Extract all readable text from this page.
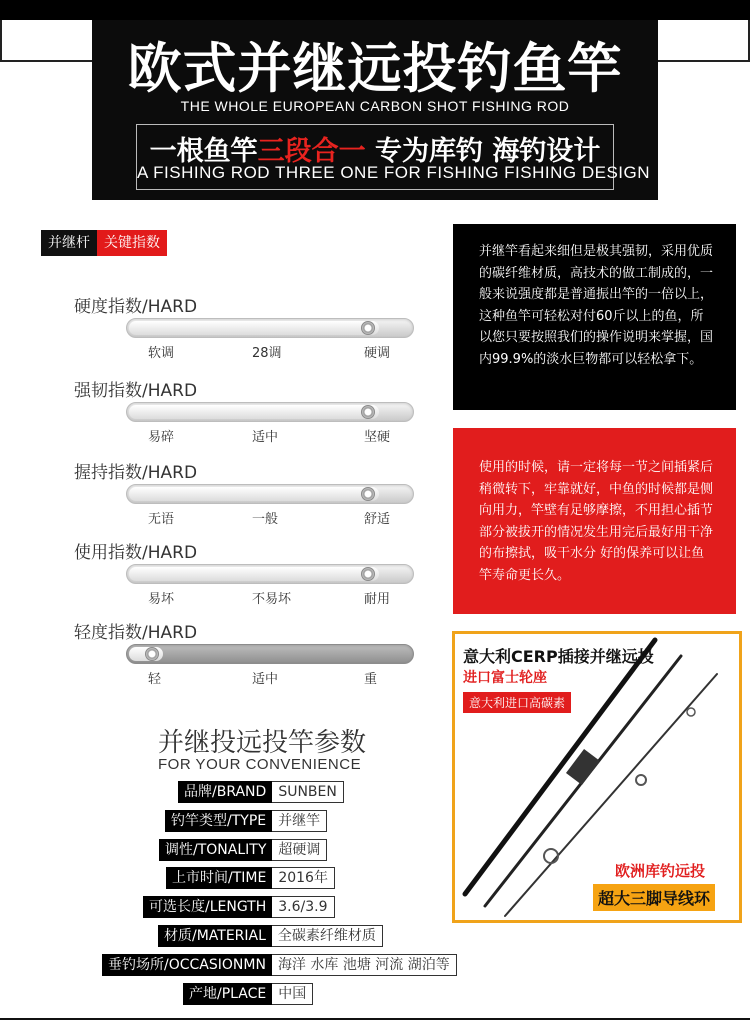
欧式并继远投钓鱼竿
THE WHOLE EUROPEAN CARBON SHOT FISHING ROD
一根鱼竿三段合一 专为库钓 海钓设计
A FISHING ROD THREE ONE FOR FISHING FISHING DESIGN
并继杆	关键指数
硬度指数/HARD
软调	28调	硬调
强韧指数/HARD
易碎	适中	坚硬
握持指数/HARD
无语	一般	舒适
使用指数/HARD
易坏	不易坏	耐用
轻度指数/HARD
轻	适中	重
并继竿看起来细但是极其强韧，采用优质的碳纤维材质，高技术的做工制成的，一般来说强度都是普通振出竿的一倍以上，这种鱼竿可轻松对付60斤以上的鱼，所以您只要按照我们的操作说明来掌握，国内99.9%的淡水巨物都可以轻松拿下。
使用的时候，请一定将每一节之间插紧后稍微转下，牢靠就好，中鱼的时候都是侧向用力，竿壁有足够摩擦，不用担心插节部分被拔开的情况发生用完后最好用干净的布擦拭，吸干水分 好的保养可以让鱼竿寿命更长久。
意大利CERP插接并继远投
进口富士轮座
意大利进口高碳素
欧洲库钓远投
超大三脚导线环
并继投远投竿参数
FOR YOUR CONVENIENCE
品牌/BRAND SUNBEN
钓竿类型/TYPE 并继竿
调性/TONALITY 超硬调
上市时间/TIME 2016年
可选长度/LENGTH 3.6/3.9
材质/MATERIAL 全碳素纤维材质
垂钓场所/OCCASIONMN 海洋 水库 池塘 河流 湖泊等
产地/PLACE 中国
